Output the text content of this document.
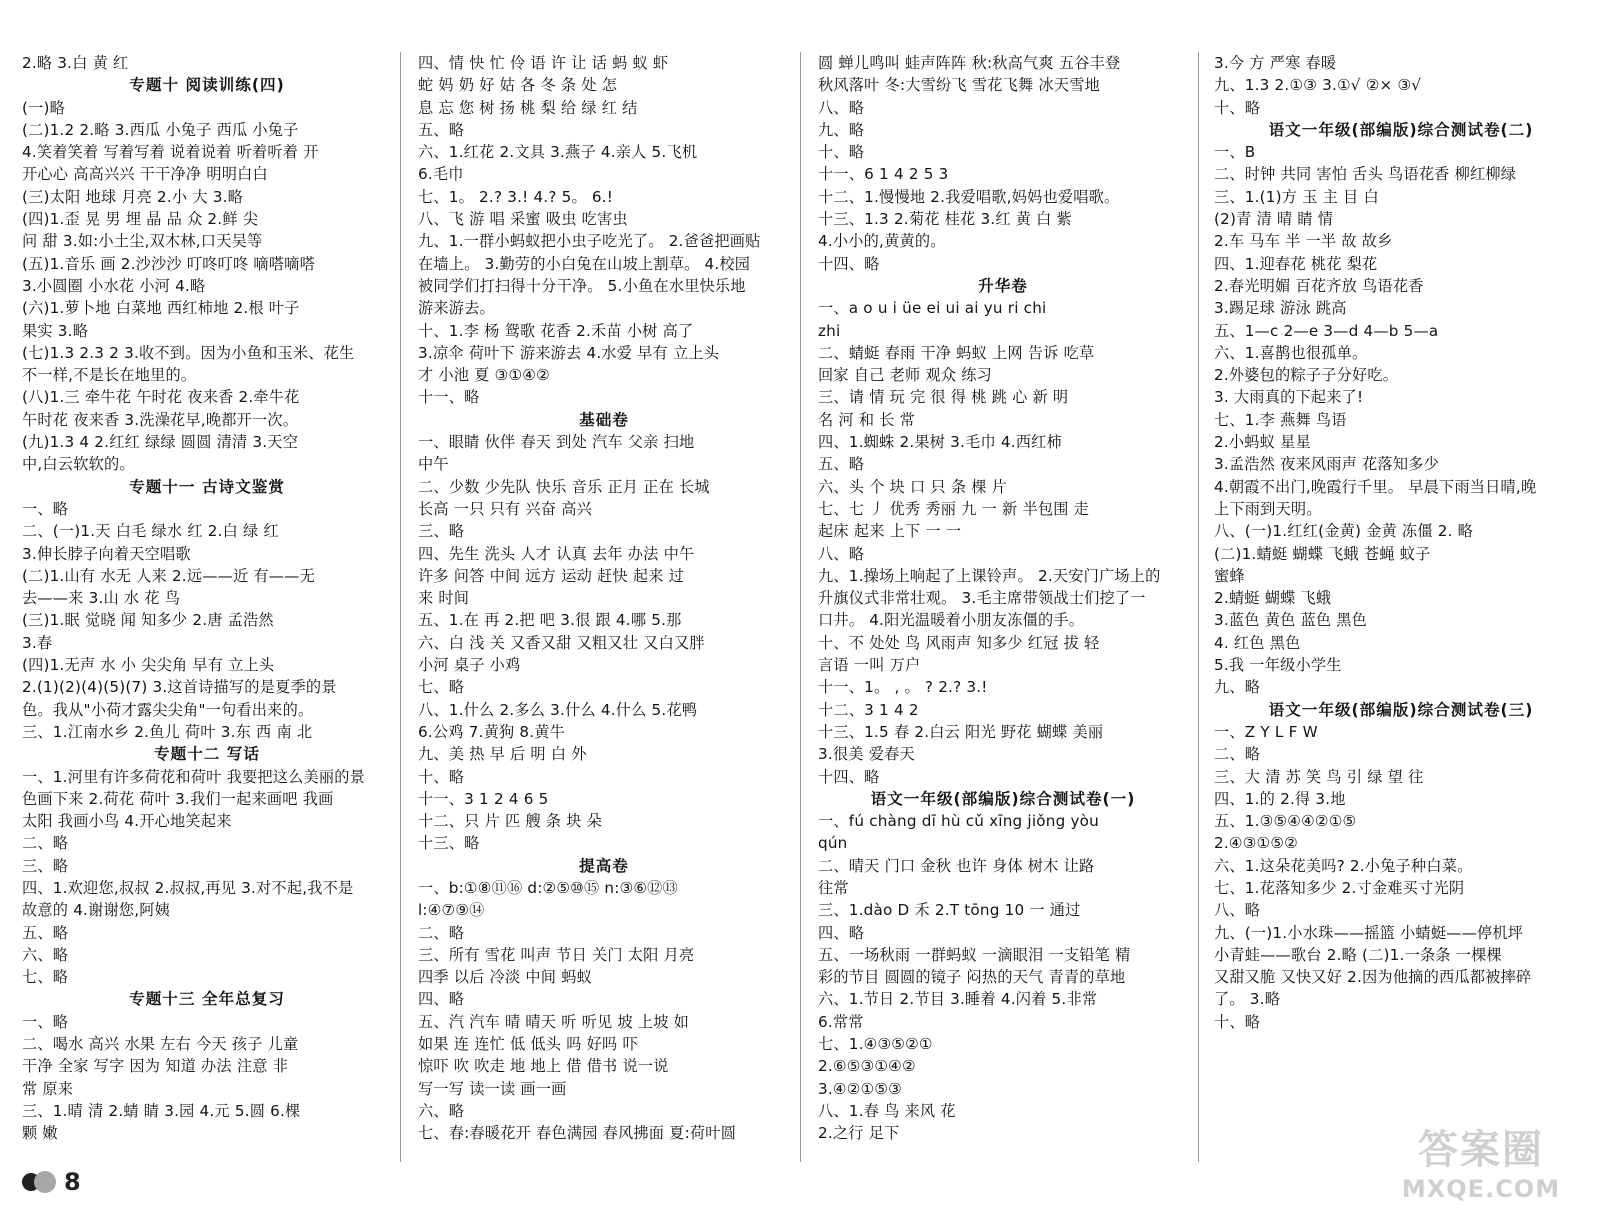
2.略 3.白 黄 红
专题十 阅读训练(四)
(一)略
(二)1.2 2.略 3.西瓜 小兔子 西瓜 小兔子
4.笑着笑着 写着写着 说着说着 听着听着 开
开心心 高高兴兴 干干净净 明明白白
(三)太阳 地球 月亮 2.小 大 3.略
(四)1.歪 晃 男 埋 晶 品 众 2.鲜 尖
问 甜 3.如:小土尘,双木林,口天吴等
(五)1.音乐 画 2.沙沙沙 叮咚叮咚 嘀嗒嘀嗒
3.小圆圈 小水花 小河 4.略
(六)1.萝卜地 白菜地 西红柿地 2.根 叶子
果实 3.略
(七)1.3 2.3 2 3.收不到。因为小鱼和玉米、花生
不一样,不是长在地里的。
(八)1.三 牵牛花 午时花 夜来香 2.牵牛花
午时花 夜来香 3.洗澡花早,晚都开一次。
(九)1.3 4 2.红红 绿绿 圆圆 清清 3.天空
中,白云软软的。
专题十一 古诗文鉴赏
一、略
二、(一)1.天 白毛 绿水 红 2.白 绿 红
3.伸长脖子向着天空唱歌
(二)1.山有 水无 人来 2.远——近 有——无
去——来 3.山 水 花 鸟
(三)1.眠 觉晓 闻 知多少 2.唐 孟浩然
3.春
(四)1.无声 水 小 尖尖角 早有 立上头
2.(1)(2)(4)(5)(7) 3.这首诗描写的是夏季的景
色。我从"小荷才露尖尖角"一句看出来的。
三、1.江南水乡 2.鱼儿 荷叶 3.东 西 南 北
专题十二 写话
一、1.河里有许多荷花和荷叶 我要把这么美丽的景
色画下来 2.荷花 荷叶 3.我们一起来画吧 我画
太阳 我画小鸟 4.开心地笑起来
二、略
三、略
四、1.欢迎您,叔叔 2.叔叔,再见 3.对不起,我不是
故意的 4.谢谢您,阿姨
五、略
六、略
七、略
专题十三 全年总复习
一、略
二、喝水 高兴 水果 左右 今天 孩子 儿童
干净 全家 写字 因为 知道 办法 注意 非
常 原来
三、1.晴 清 2.蜻 睛 3.园 4.元 5.圆 6.棵
颗 嫩
四、情 快 忙 伶 语 许 让 话 蚂 蚁 虾
蛇 妈 奶 好 姑 各 冬 条 处 怎
息 忘 您 树 扬 桃 梨 给 绿 红 结
五、略
六、1.红花 2.文具 3.燕子 4.亲人 5.飞机
6.毛巾
七、1。 2.? 3.! 4.? 5。 6.!
八、飞 游 唱 采蜜 吸虫 吃害虫
九、1.一群小蚂蚁把小虫子吃光了。 2.爸爸把画贴
在墙上。 3.勤劳的小白兔在山坡上割草。 4.校园
被同学们打扫得十分干净。 5.小鱼在水里快乐地
游来游去。
十、1.李 杨 鸳歌 花香 2.禾苗 小树 高了
3.凉伞 荷叶下 游来游去 4.水爱 早有 立上头
才 小池 夏 ③①④②
十一、略
基础卷
一、眼睛 伙伴 春天 到处 汽车 父亲 扫地
中午
二、少数 少先队 快乐 音乐 正月 正在 长城
长高 一只 只有 兴奋 高兴
三、略
四、先生 洗头 人才 认真 去年 办法 中午
许多 问答 中间 远方 运动 赶快 起来 过
来 时间
五、1.在 再 2.把 吧 3.很 跟 4.哪 5.那
六、白 浅 关 又香又甜 又粗又壮 又白又胖
小河 桌子 小鸡
七、略
八、1.什么 2.多么 3.什么 4.什么 5.花鸭
6.公鸡 7.黄狗 8.黄牛
九、美 热 早 后 明 白 外
十、略
十一、3 1 2 4 6 5
十二、只 片 匹 艘 条 块 朵
十三、略
提高卷
一、b:①⑧⑪⑯ d:②⑤⑩⑮ n:③⑥⑫⑬
l:④⑦⑨⑭
二、略
三、所有 雪花 叫声 节日 关门 太阳 月亮
四季 以后 冷淡 中间 蚂蚁
四、略
五、汽 汽车 晴 晴天 听 听见 坡 上坡 如
如果 连 连忙 低 低头 吗 好吗 吓
惊吓 吹 吹走 地 地上 借 借书 说一说
写一写 读一读 画一画
六、略
七、春:春暖花开 春色满园 春风拂面 夏:荷叶圆
圆 蝉儿鸣叫 蛙声阵阵 秋:秋高气爽 五谷丰登
秋风落叶 冬:大雪纷飞 雪花飞舞 冰天雪地
八、略
九、略
十、略
十一、6 1 4 2 5 3
十二、1.慢慢地 2.我爱唱歌,妈妈也爱唱歌。
十三、1.3 2.菊花 桂花 3.红 黄 白 紫
4.小小的,黄黄的。
十四、略
升华卷
一、a o u i üe ei ui ai yu ri chi
zhi
二、蜻蜓 春雨 干净 蚂蚁 上网 告诉 吃草
回家 自己 老师 观众 练习
三、请 情 玩 完 很 得 桃 跳 心 新 明
名 河 和 长 常
四、1.蜘蛛 2.果树 3.毛巾 4.西红柿
五、略
六、头 个 块 口 只 条 棵 片
七、七 丿 优秀 秀丽 九 一 新 半包围 走
起床 起来 上下 一 一
八、略
九、1.操场上响起了上课铃声。 2.天安门广场上的
升旗仪式非常壮观。 3.毛主席带领战士们挖了一
口井。 4.阳光温暖着小朋友冻僵的手。
十、不 处处 鸟 风雨声 知多少 红冠 拔 轻
言语 一叫 万户
十一、1。 , 。 ? 2.? 3.!
十二、3 1 4 2
十三、1.5 春 2.白云 阳光 野花 蝴蝶 美丽
3.很美 爱春天
十四、略
语文一年级(部编版)综合测试卷(一)
一、fú chàng dī hù cǔ xīng jiǒng yòu
qún
二、晴天 门口 金秋 也许 身体 树木 让路
往常
三、1.dào D 禾 2.T tōng 10 一 通过
四、略
五、一场秋雨 一群蚂蚁 一滴眼泪 一支铅笔 精
彩的节目 圆圆的镜子 闷热的天气 青青的草地
六、1.节日 2.节目 3.睡着 4.闪着 5.非常
6.常常
七、1.④③⑤②①
2.⑥⑤③①④②
3.④②①⑤③
八、1.春 鸟 来风 花
2.之行 足下
3.今 方 严寒 春暖
九、1.3 2.①③ 3.①√ ②× ③√
十、略
语文一年级(部编版)综合测试卷(二)
一、B
二、时钟 共同 害怕 舌头 鸟语花香 柳红柳绿
三、1.(1)方 玉 主 目 白
(2)青 清 晴 睛 情
2.车 马车 半 一半 故 故乡
四、1.迎春花 桃花 梨花
2.春光明媚 百花齐放 鸟语花香
3.踢足球 游泳 跳高
五、1—c 2—e 3—d 4—b 5—a
六、1.喜鹊也很孤单。
2.外婆包的粽子子分好吃。
3. 大雨真的下起来了!
七、1.李 燕舞 鸟语
2.小蚂蚁 星星
3.孟浩然 夜来风雨声 花落知多少
4.朝霞不出门,晚霞行千里。 早晨下雨当日晴,晚
上下雨到天明。
八、(一)1.红红(金黄) 金黄 冻僵 2. 略
(二)1.蜻蜓 蝴蝶 飞蛾 苍蝇 蚊子
蜜蜂
2.蜻蜓 蝴蝶 飞蛾
3.蓝色 黄色 蓝色 黑色
4. 红色 黑色
5.我 一年级小学生
九、略
语文一年级(部编版)综合测试卷(三)
一、Z Y L F W
二、略
三、大 清 苏 笑 鸟 引 绿 望 往
四、1.的 2.得 3.地
五、1.③⑤④④②①⑤
2.④③①⑤②
六、1.这朵花美吗? 2.小兔子种白菜。
七、1.花落知多少 2.寸金难买寸光阴
八、略
九、(一)1.小水珠——摇篮 小蜻蜓——停机坪
小青蛙——歌台 2.略 (二)1.一条条 一棵棵
又甜又脆 又快又好 2.因为他摘的西瓜都被摔碎
了。 3.略
十、略
8
答案圈
MXQE.COM
